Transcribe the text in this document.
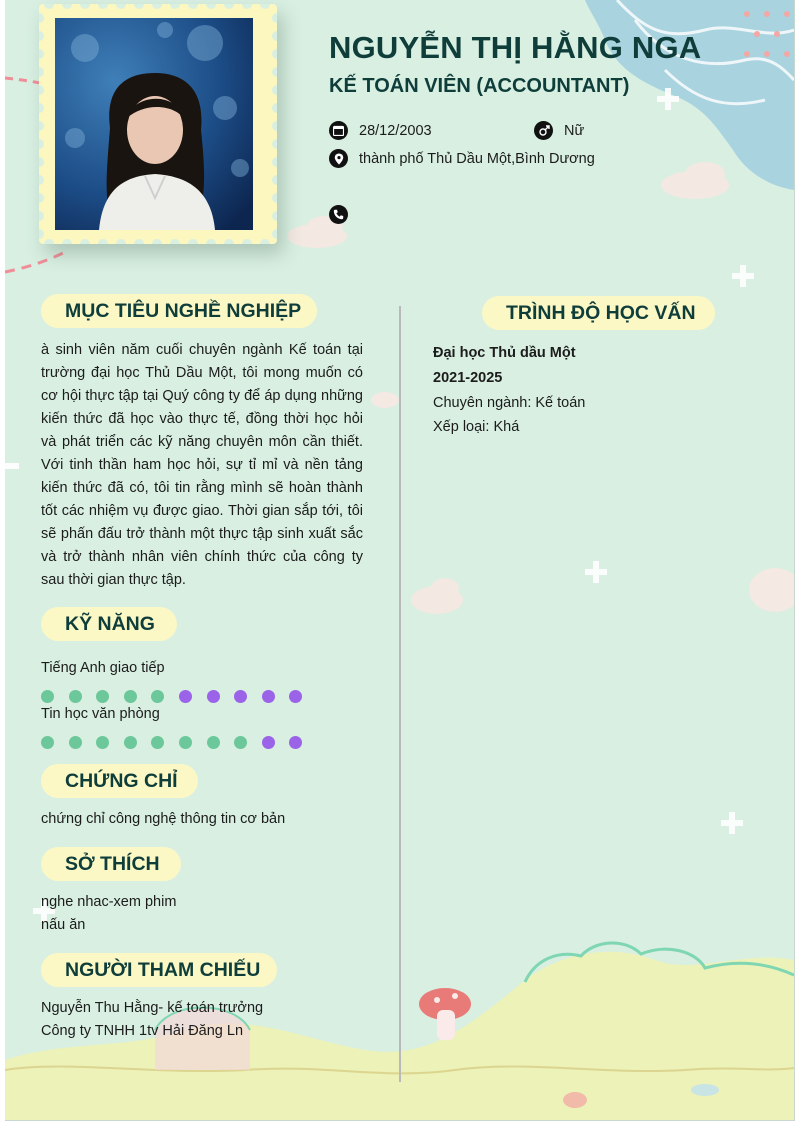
NGUYỄN THỊ HẰNG NGA
KẾ TOÁN VIÊN (ACCOUNTANT)
28/12/2003	Nữ
thành phố Thủ Dầu Một,Bình Dương
MỤC TIÊU NGHỀ NGHIỆP

à sinh viên năm cuối chuyên ngành Kế toán tại trường đại học Thủ Dầu Một, tôi mong muốn có cơ hội thực tập tại Quý công ty để áp dụng những kiến thức đã học vào thực tế, đồng thời học hỏi và phát triển các kỹ năng chuyên môn cần thiết. Với tinh thần ham học hỏi, sự tỉ mỉ và nền tảng kiến thức đã có, tôi tin rằng mình sẽ hoàn thành tốt các nhiệm vụ được giao. Thời gian sắp tới, tôi sẽ phấn đấu trở thành một thực tập sinh xuất sắc và trở thành nhân viên chính thức của công ty sau thời gian thực tập.

KỸ NĂNG
Tiếng Anh giao tiếp
Tin học văn phòng
CHỨNG CHỈ
chứng chỉ công nghệ thông tin cơ bản
SỞ THÍCH
nghe nhac-xem phim
nấu ăn
NGƯỜI THAM CHIẾU
Nguyễn Thu Hằng- kế toán trưởng
Công ty TNHH 1tv Hải Đăng Ln
TRÌNH ĐỘ HỌC VẤN
Đại học Thủ dầu Một
2021-2025
Chuyên ngành: Kế toán
Xếp loại: Khá
